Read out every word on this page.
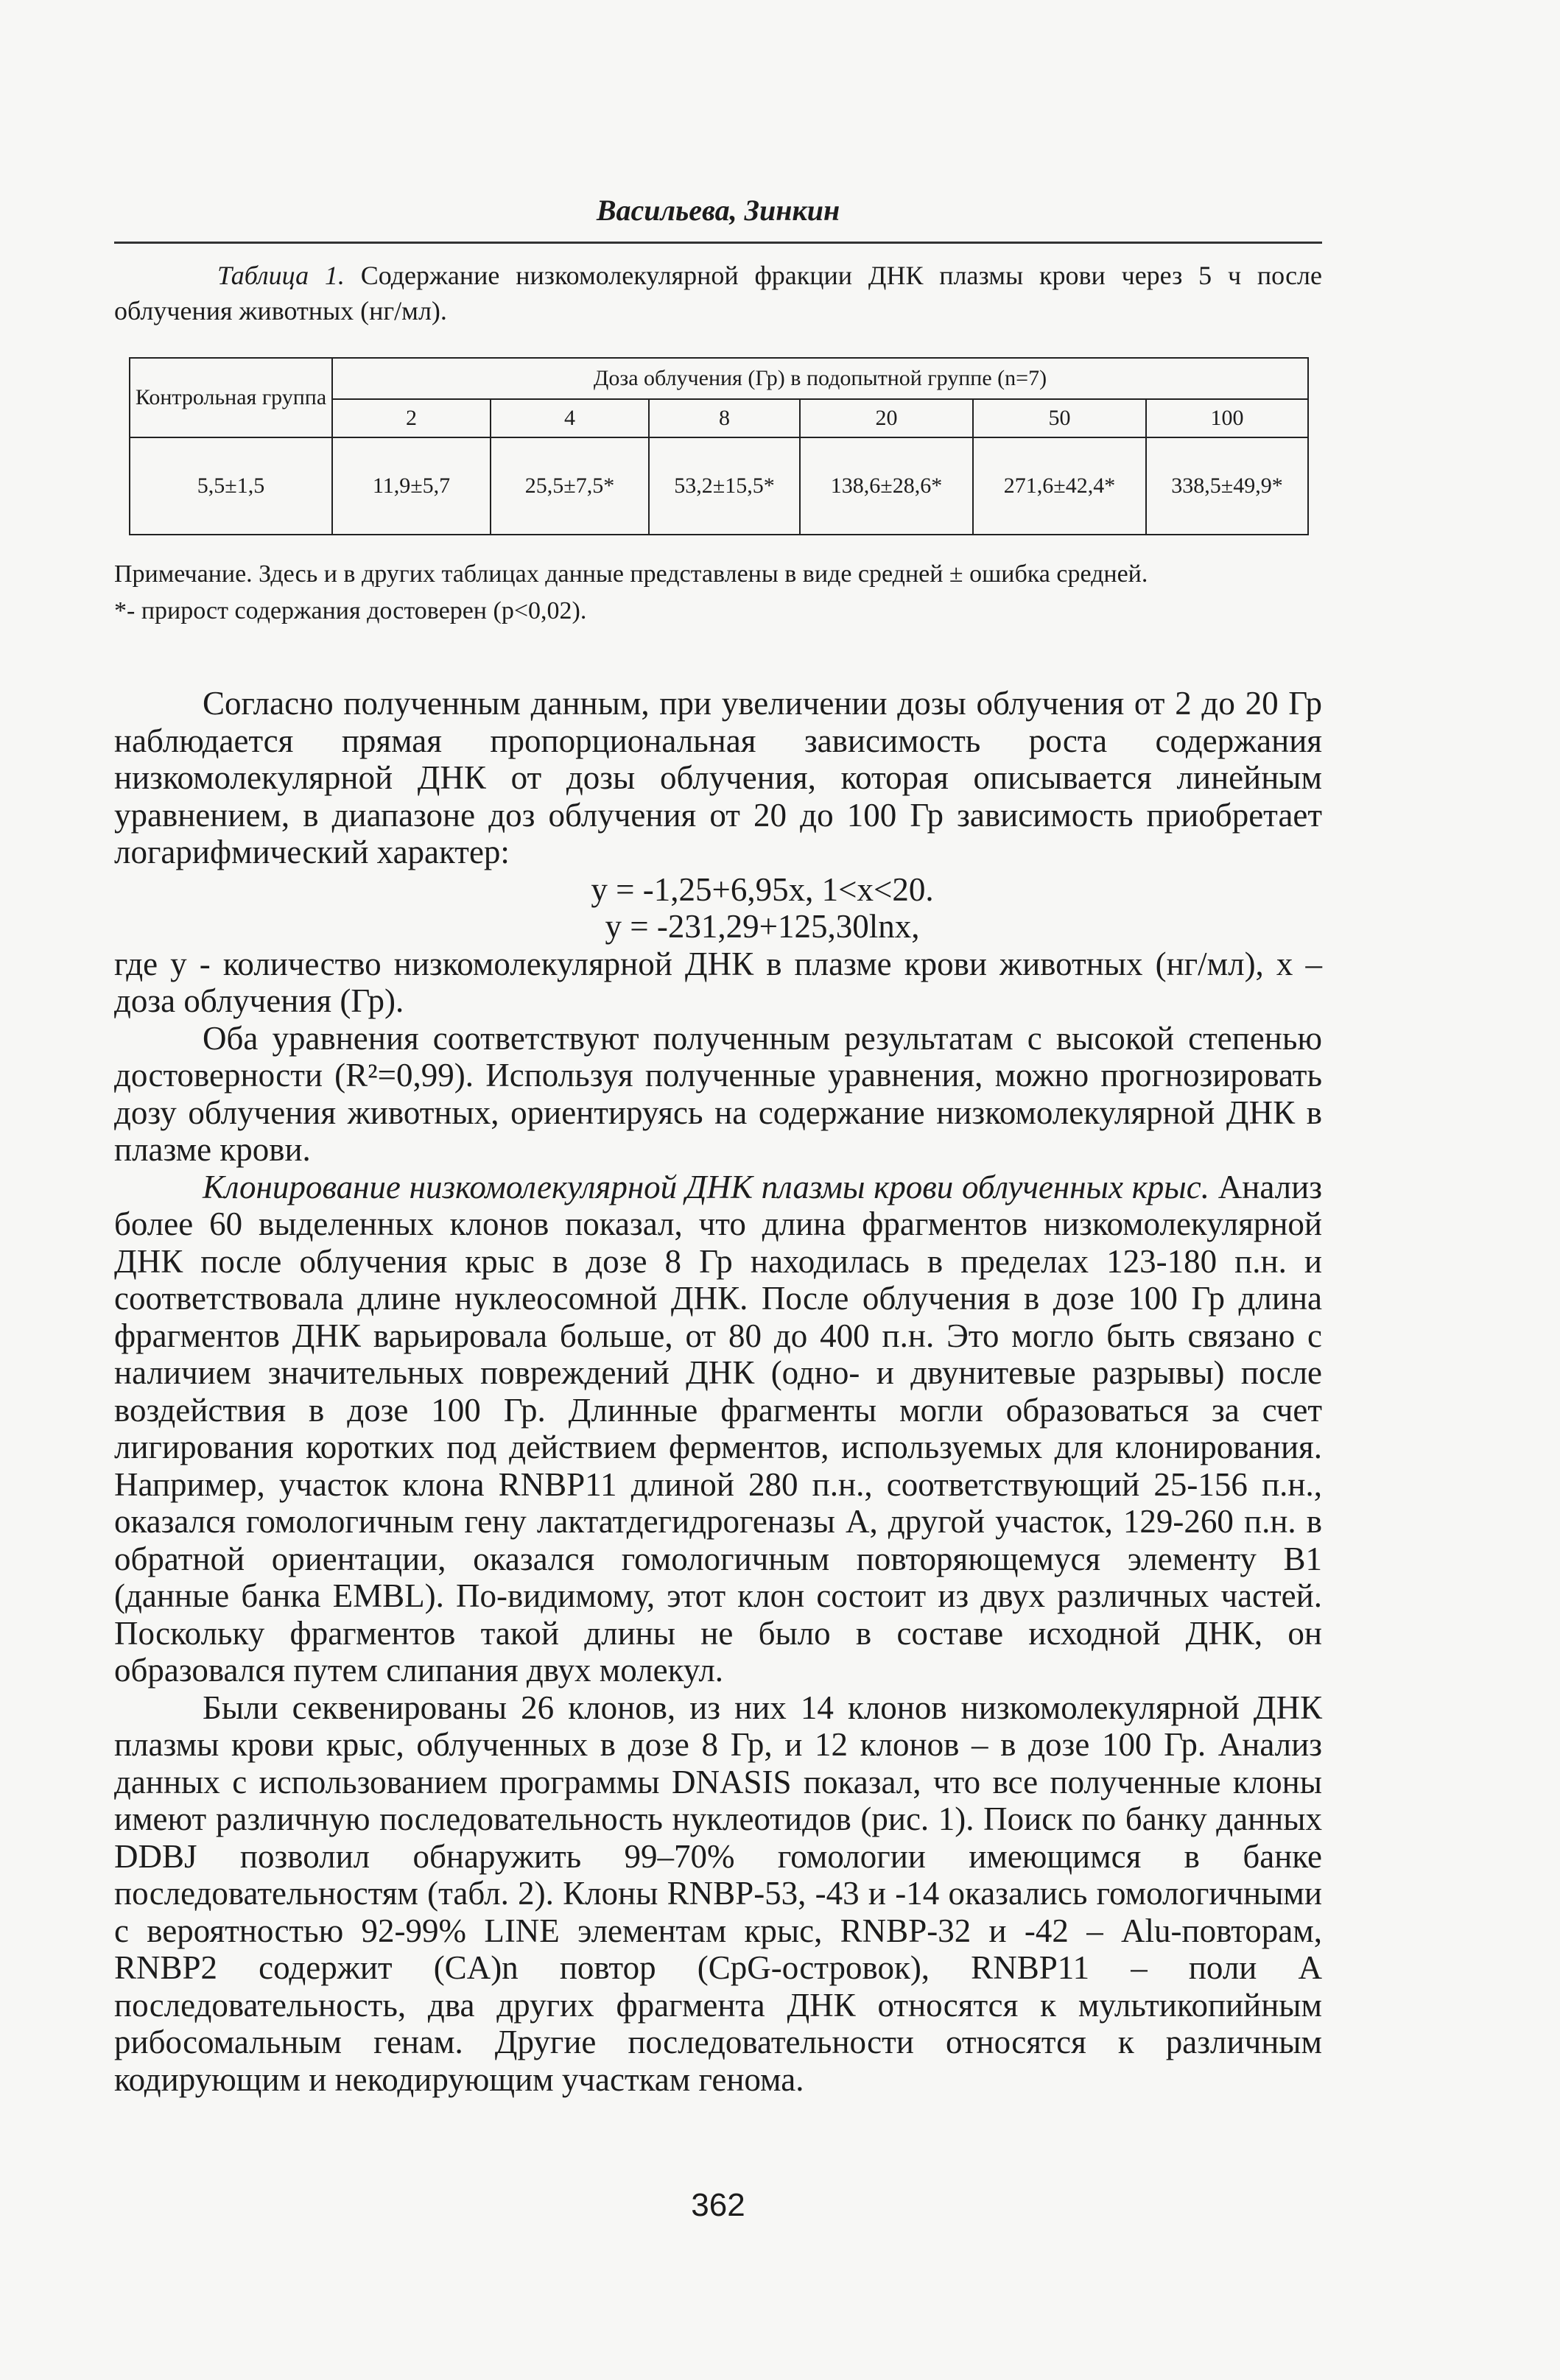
Васильева, Зинкин
Таблица 1. Содержание низкомолекулярной фракции ДНК плазмы крови через 5 ч после облучения животных (нг/мл).
Контрольная группа	Доза облучения (Гр) в подопытной группе (n=7)					
	2	4	8	20	50	100
5,5±1,5	11,9±5,7	25,5±7,5*	53,2±15,5*	138,6±28,6*	271,6±42,4*	338,5±49,9*

Примечание. Здесь и в других таблицах данные представлены в виде средней ± ошибка средней.

*- прирост содержания достоверен (p<0,02).

Согласно полученным данным, при увеличении дозы облучения от 2 до 20 Гр наблюдается прямая пропорциональная зависимость роста содержания низкомолекулярной ДНК от дозы облучения, которая описывается линейным уравнением, в диапазоне доз облучения от 20 до 100 Гр зависимость приобретает логарифмический характер:

y = -1,25+6,95x, 1<x<20.

y = -231,29+125,30lnx,

где y - количество низкомолекулярной ДНК в плазме крови животных (нг/мл), x – доза облучения (Гр).

Оба уравнения соответствуют полученным результатам с высокой степенью достоверности (R²=0,99). Используя полученные уравнения, можно прогнозировать дозу облучения животных, ориентируясь на содержание низкомолекулярной ДНК в плазме крови.

Клонирование низкомолекулярной ДНК плазмы крови облученных крыс. Анализ более 60 выделенных клонов показал, что длина фрагментов низкомолекулярной ДНК после облучения крыс в дозе 8 Гр находилась в пределах 123-180 п.н. и соответствовала длине нуклеосомной ДНК. После облучения в дозе 100 Гр длина фрагментов ДНК варьировала больше, от 80 до 400 п.н. Это могло быть связано с наличием значительных повреждений ДНК (одно- и двунитевые разрывы) после воздействия в дозе 100 Гр. Длинные фрагменты могли образоваться за счет лигирования коротких под действием ферментов, используемых для клонирования. Например, участок клона RNBP11 длиной 280 п.н., соответствующий 25-156 п.н., оказался гомологичным гену лактатдегидрогеназы A, другой участок, 129-260 п.н. в обратной ориентации, оказался гомологичным повторяющемуся элементу B1 (данные банка EMBL). По-видимому, этот клон состоит из двух различных частей. Поскольку фрагментов такой длины не было в составе исходной ДНК, он образовался путем слипания двух молекул.

Были секвенированы 26 клонов, из них 14 клонов низкомолекулярной ДНК плазмы крови крыс, облученных в дозе 8 Гр, и 12 клонов – в дозе 100 Гр. Анализ данных с использованием программы DNASIS показал, что все полученные клоны имеют различную последовательность нуклеотидов (рис. 1). Поиск по банку данных DDBJ позволил обнаружить 99–70% гомологии имеющимся в банке последовательностям (табл. 2). Клоны RNBP-53, -43 и -14 оказались гомологичными с вероятностью 92-99% LINE элементам крыс, RNBP-32 и -42 – Alu-повторам, RNBP2 содержит (CA)n повтор (CpG-островок), RNBP11 – поли A последовательность, два других фрагмента ДНК относятся к мультикопийным рибосомальным генам. Другие последовательности относятся к различным кодирующим и некодирующим участкам генома.

362
